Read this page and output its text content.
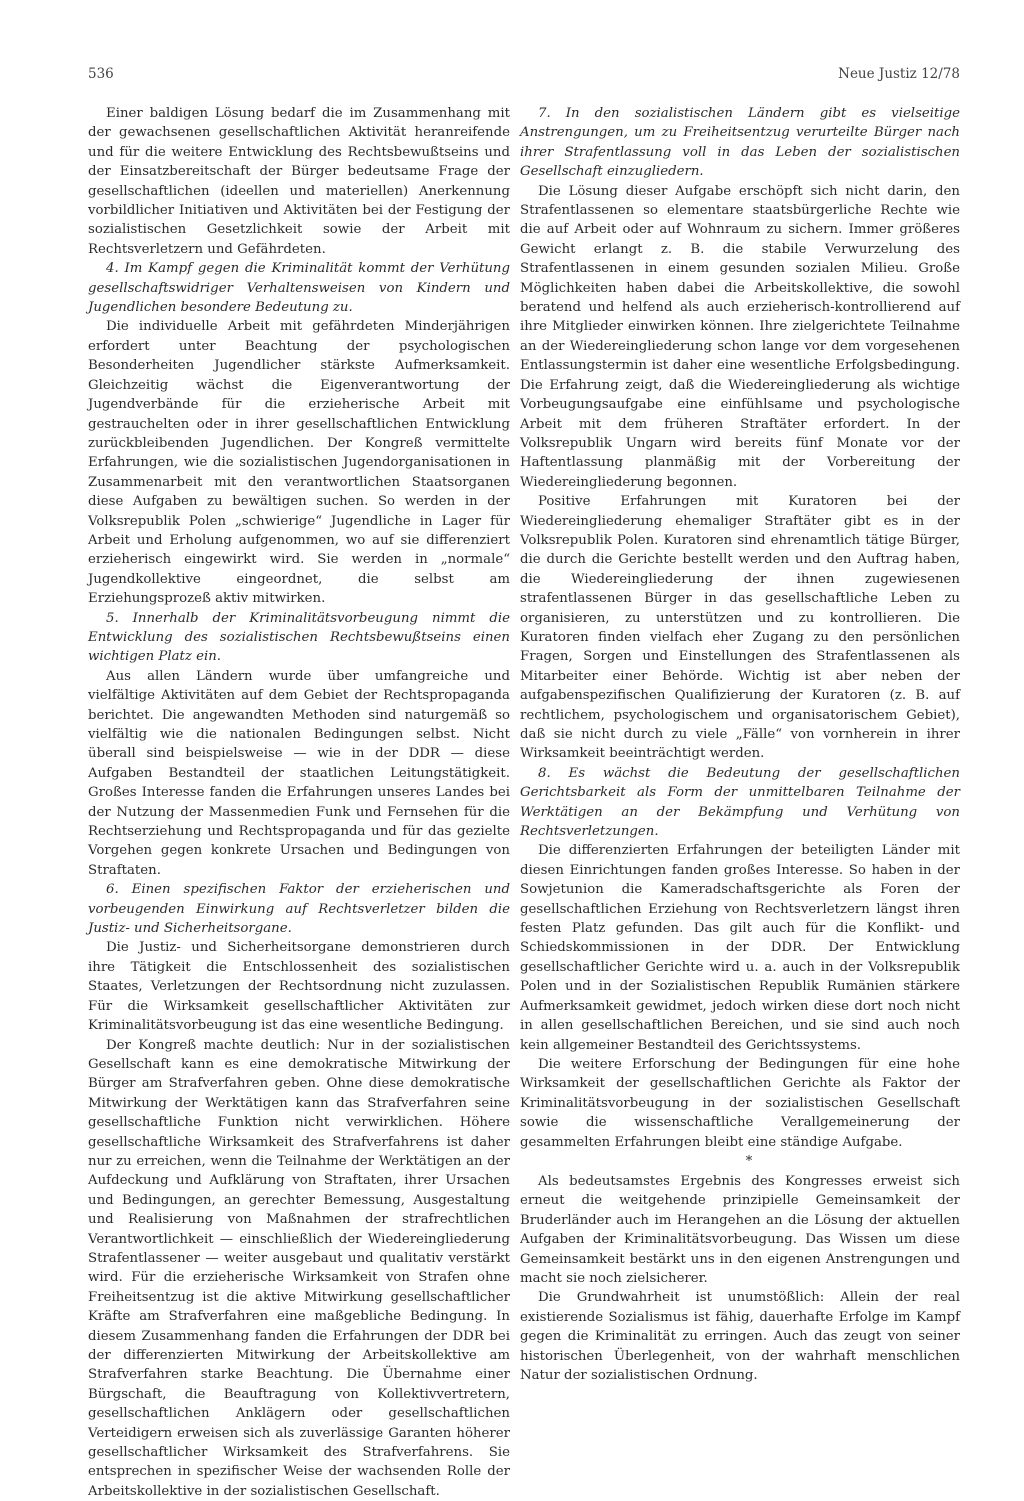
536	Neue Justiz 12/78

Einer baldigen Lösung bedarf die im Zusammenhang mit der gewachsenen gesellschaftlichen Aktivität heranreifende und für die weitere Entwicklung des Rechtsbewußtseins und der Einsatzbereitschaft der Bürger bedeutsame Frage der gesellschaftlichen (ideellen und materiellen) Anerkennung vorbildlicher Initiativen und Aktivitäten bei der Festigung der sozialistischen Gesetzlichkeit sowie der Arbeit mit Rechtsverletzern und Gefährdeten.

4. Im Kampf gegen die Kriminalität kommt der Verhütung gesellschaftswidriger Verhaltensweisen von Kindern und Jugendlichen besondere Bedeutung zu.

Die individuelle Arbeit mit gefährdeten Minderjährigen erfordert unter Beachtung der psychologischen Besonderheiten Jugendlicher stärkste Aufmerksamkeit. Gleichzeitig wächst die Eigenverantwortung der Jugendverbände für die erzieherische Arbeit mit gestrauchelten oder in ihrer gesellschaftlichen Entwicklung zurückbleibenden Jugendlichen. Der Kongreß vermittelte Erfahrungen, wie die sozialistischen Jugendorganisationen in Zusammenarbeit mit den verantwortlichen Staatsorganen diese Aufgaben zu bewältigen suchen. So werden in der Volksrepublik Polen „schwierige“ Jugendliche in Lager für Arbeit und Erholung aufgenommen, wo auf sie differenziert erzieherisch eingewirkt wird. Sie werden in „normale“ Jugendkollektive eingeordnet, die selbst am Erziehungsprozeß aktiv mitwirken.

5. Innerhalb der Kriminalitätsvorbeugung nimmt die Entwicklung des sozialistischen Rechtsbewußtseins einen wichtigen Platz ein.

Aus allen Ländern wurde über umfangreiche und vielfältige Aktivitäten auf dem Gebiet der Rechtspropaganda berichtet. Die angewandten Methoden sind naturgemäß so vielfältig wie die nationalen Bedingungen selbst. Nicht überall sind beispielsweise — wie in der DDR — diese Aufgaben Bestandteil der staatlichen Leitungstätigkeit. Großes Interesse fanden die Erfahrungen unseres Landes bei der Nutzung der Massenmedien Funk und Fernsehen für die Rechtserziehung und Rechtspropaganda und für das gezielte Vorgehen gegen konkrete Ursachen und Bedingungen von Straftaten.

6. Einen spezifischen Faktor der erzieherischen und vorbeugenden Einwirkung auf Rechtsverletzer bilden die Justiz- und Sicherheitsorgane.

Die Justiz- und Sicherheitsorgane demonstrieren durch ihre Tätigkeit die Entschlossenheit des sozialistischen Staates, Verletzungen der Rechtsordnung nicht zuzulassen. Für die Wirksamkeit gesellschaftlicher Aktivitäten zur Kriminalitätsvorbeugung ist das eine wesentliche Bedingung.

Der Kongreß machte deutlich: Nur in der sozialistischen Gesellschaft kann es eine demokratische Mitwirkung der Bürger am Strafverfahren geben. Ohne diese demokratische Mitwirkung der Werktätigen kann das Strafverfahren seine gesellschaftliche Funktion nicht verwirklichen. Höhere gesellschaftliche Wirksamkeit des Strafverfahrens ist daher nur zu erreichen, wenn die Teilnahme der Werktätigen an der Aufdeckung und Aufklärung von Straftaten, ihrer Ursachen und Bedingungen, an gerechter Bemessung, Ausgestaltung und Realisierung von Maßnahmen der strafrechtlichen Verantwortlichkeit — einschließlich der Wiedereingliederung Strafentlassener — weiter ausgebaut und qualitativ verstärkt wird. Für die erzieherische Wirksamkeit von Strafen ohne Freiheitsentzug ist die aktive Mitwirkung gesellschaftlicher Kräfte am Strafverfahren eine maßgebliche Bedingung. In diesem Zusammenhang fanden die Erfahrungen der DDR bei der differenzierten Mitwirkung der Arbeitskollektive am Strafverfahren starke Beachtung. Die Übernahme einer Bürgschaft, die Beauftragung von Kollektivvertretern, gesellschaftlichen Anklägern oder gesellschaftlichen Verteidigern erweisen sich als zuverlässige Garanten höherer gesellschaftlicher Wirksamkeit des Strafverfahrens. Sie entsprechen in spezifischer Weise der wachsenden Rolle der Arbeitskollektive in der sozialistischen Gesellschaft.

7. In den sozialistischen Ländern gibt es vielseitige Anstrengungen, um zu Freiheitsentzug verurteilte Bürger nach ihrer Strafentlassung voll in das Leben der sozialistischen Gesellschaft einzugliedern.

Die Lösung dieser Aufgabe erschöpft sich nicht darin, den Strafentlassenen so elementare staatsbürgerliche Rechte wie die auf Arbeit oder auf Wohnraum zu sichern. Immer größeres Gewicht erlangt z. B. die stabile Verwurzelung des Strafentlassenen in einem gesunden sozialen Milieu. Große Möglichkeiten haben dabei die Arbeitskollektive, die sowohl beratend und helfend als auch erzieherisch-kontrollierend auf ihre Mitglieder einwirken können. Ihre zielgerichtete Teilnahme an der Wiedereingliederung schon lange vor dem vorgesehenen Entlassungstermin ist daher eine wesentliche Erfolgsbedingung. Die Erfahrung zeigt, daß die Wiedereingliederung als wichtige Vorbeugungsaufgabe eine einfühlsame und psychologische Arbeit mit dem früheren Straftäter erfordert. In der Volksrepublik Ungarn wird bereits fünf Monate vor der Haftentlassung planmäßig mit der Vorbereitung der Wiedereingliederung begonnen.

Positive Erfahrungen mit Kuratoren bei der Wiedereingliederung ehemaliger Straftäter gibt es in der Volksrepublik Polen. Kuratoren sind ehrenamtlich tätige Bürger, die durch die Gerichte bestellt werden und den Auftrag haben, die Wiedereingliederung der ihnen zugewiesenen strafentlassenen Bürger in das gesellschaftliche Leben zu organisieren, zu unterstützen und zu kontrollieren. Die Kuratoren finden vielfach eher Zugang zu den persönlichen Fragen, Sorgen und Einstellungen des Strafentlassenen als Mitarbeiter einer Behörde. Wichtig ist aber neben der aufgabenspezifischen Qualifizierung der Kuratoren (z. B. auf rechtlichem, psychologischem und organisatorischem Gebiet), daß sie nicht durch zu viele „Fälle“ von vornherein in ihrer Wirksamkeit beeinträchtigt werden.

8. Es wächst die Bedeutung der gesellschaftlichen Gerichtsbarkeit als Form der unmittelbaren Teilnahme der Werktätigen an der Bekämpfung und Verhütung von Rechtsverletzungen.

Die differenzierten Erfahrungen der beteiligten Länder mit diesen Einrichtungen fanden großes Interesse. So haben in der Sowjetunion die Kameradschaftsgerichte als Foren der gesellschaftlichen Erziehung von Rechtsverletzern längst ihren festen Platz gefunden. Das gilt auch für die Konflikt- und Schiedskommissionen in der DDR. Der Entwicklung gesellschaftlicher Gerichte wird u. a. auch in der Volksrepublik Polen und in der Sozialistischen Republik Rumänien stärkere Aufmerksamkeit gewidmet, jedoch wirken diese dort noch nicht in allen gesellschaftlichen Bereichen, und sie sind auch noch kein allgemeiner Bestandteil des Gerichtssystems.

Die weitere Erforschung der Bedingungen für eine hohe Wirksamkeit der gesellschaftlichen Gerichte als Faktor der Kriminalitätsvorbeugung in der sozialistischen Gesellschaft sowie die wissenschaftliche Verallgemeinerung der gesammelten Erfahrungen bleibt eine ständige Aufgabe.

*

Als bedeutsamstes Ergebnis des Kongresses erweist sich erneut die weitgehende prinzipielle Gemeinsamkeit der Bruderländer auch im Herangehen an die Lösung der aktuellen Aufgaben der Kriminalitätsvorbeugung. Das Wissen um diese Gemeinsamkeit bestärkt uns in den eigenen Anstrengungen und macht sie noch zielsicherer.

Die Grundwahrheit ist unumstößlich: Allein der real existierende Sozialismus ist fähig, dauerhafte Erfolge im Kampf gegen die Kriminalität zu erringen. Auch das zeugt von seiner historischen Überlegenheit, von der wahrhaft menschlichen Natur der sozialistischen Ordnung.
